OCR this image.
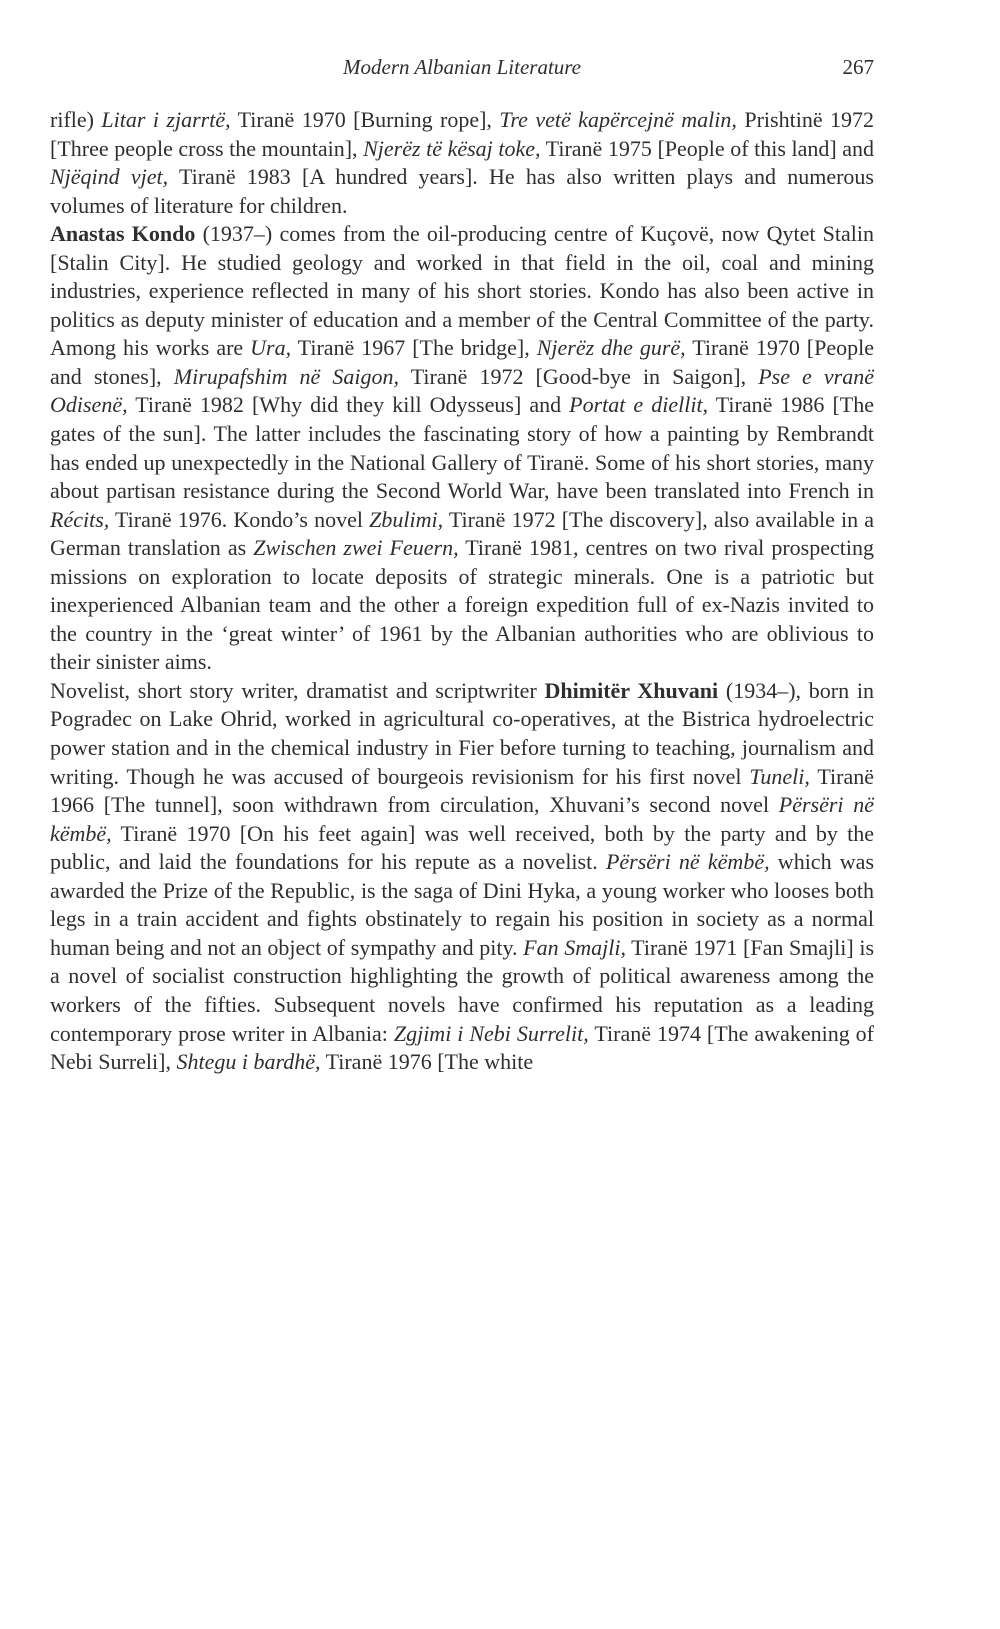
Modern Albanian Literature	267

rifle) Litar i zjarrtë, Tiranë 1970 [Burning rope], Tre vetë kapërcejnë malin, Prishtinë 1972 [Three people cross the mountain], Njerëz të kësaj toke, Tiranë 1975 [People of this land] and Njëqind vjet, Tiranë 1983 [A hundred years]. He has also written plays and numerous volumes of literature for children.

Anastas Kondo (1937–) comes from the oil-producing centre of Kuçovë, now Qytet Stalin [Stalin City]. He studied geology and worked in that field in the oil, coal and mining industries, experience reflected in many of his short stories. Kondo has also been active in politics as deputy minister of education and a member of the Central Committee of the party. Among his works are Ura, Tiranë 1967 [The bridge], Njerëz dhe gurë, Tiranë 1970 [People and stones], Mirupafshim në Saigon, Tiranë 1972 [Good-bye in Saigon], Pse e vranë Odisenë, Tiranë 1982 [Why did they kill Odysseus] and Portat e diellit, Tiranë 1986 [The gates of the sun]. The latter includes the fascinating story of how a painting by Rembrandt has ended up unexpectedly in the National Gallery of Tiranë. Some of his short stories, many about partisan resistance during the Second World War, have been translated into French in Récits, Tiranë 1976. Kondo’s novel Zbulimi, Tiranë 1972 [The discovery], also available in a German translation as Zwischen zwei Feuern, Tiranë 1981, centres on two rival prospecting missions on exploration to locate deposits of strategic minerals. One is a patriotic but inexperienced Albanian team and the other a foreign expedition full of ex-Nazis invited to the country in the ‘great winter’ of 1961 by the Albanian authorities who are oblivious to their sinister aims.

Novelist, short story writer, dramatist and scriptwriter Dhimitër Xhuvani (1934–), born in Pogradec on Lake Ohrid, worked in agricultural co-operatives, at the Bistrica hydroelectric power station and in the chemical industry in Fier before turning to teaching, journalism and writing. Though he was accused of bourgeois revisionism for his first novel Tuneli, Tiranë 1966 [The tunnel], soon withdrawn from circulation, Xhuvani’s second novel Përsëri në këmbë, Tiranë 1970 [On his feet again] was well received, both by the party and by the public, and laid the foundations for his repute as a novelist. Përsëri në këmbë, which was awarded the Prize of the Republic, is the saga of Dini Hyka, a young worker who looses both legs in a train accident and fights obstinately to regain his position in society as a normal human being and not an object of sympathy and pity. Fan Smajli, Tiranë 1971 [Fan Smajli] is a novel of socialist construction highlighting the growth of political awareness among the workers of the fifties. Subsequent novels have confirmed his reputation as a leading contemporary prose writer in Albania: Zgjimi i Nebi Surrelit, Tiranë 1974 [The awakening of Nebi Surreli], Shtegu i bardhë, Tiranë 1976 [The white
